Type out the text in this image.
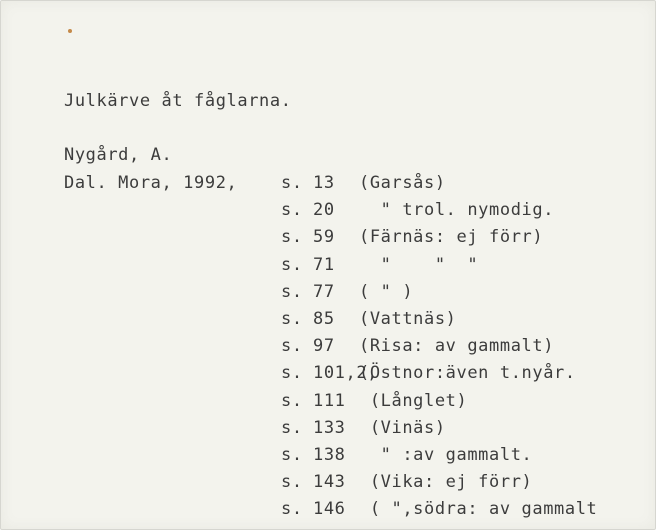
Julkärve åt fåglarna.
Nygård, A.
Dal. Mora, 1992,	s. 13 (Garsås)
s. 20  " trol. nymodig.
s. 59 (Färnäs: ej förr)
s. 71  "    "  "
s. 77 ( " )
s. 85 (Vattnäs)
s. 97 (Risa: av gammalt)
s. 101,2,(Östnor:även t.nyår.
s. 111 (Långlet)
s. 133 (Vinäs)
s. 138  " :av gammalt.
s. 143 (Vika: ej förr)
s. 146 ( ",södra: av gammalt
